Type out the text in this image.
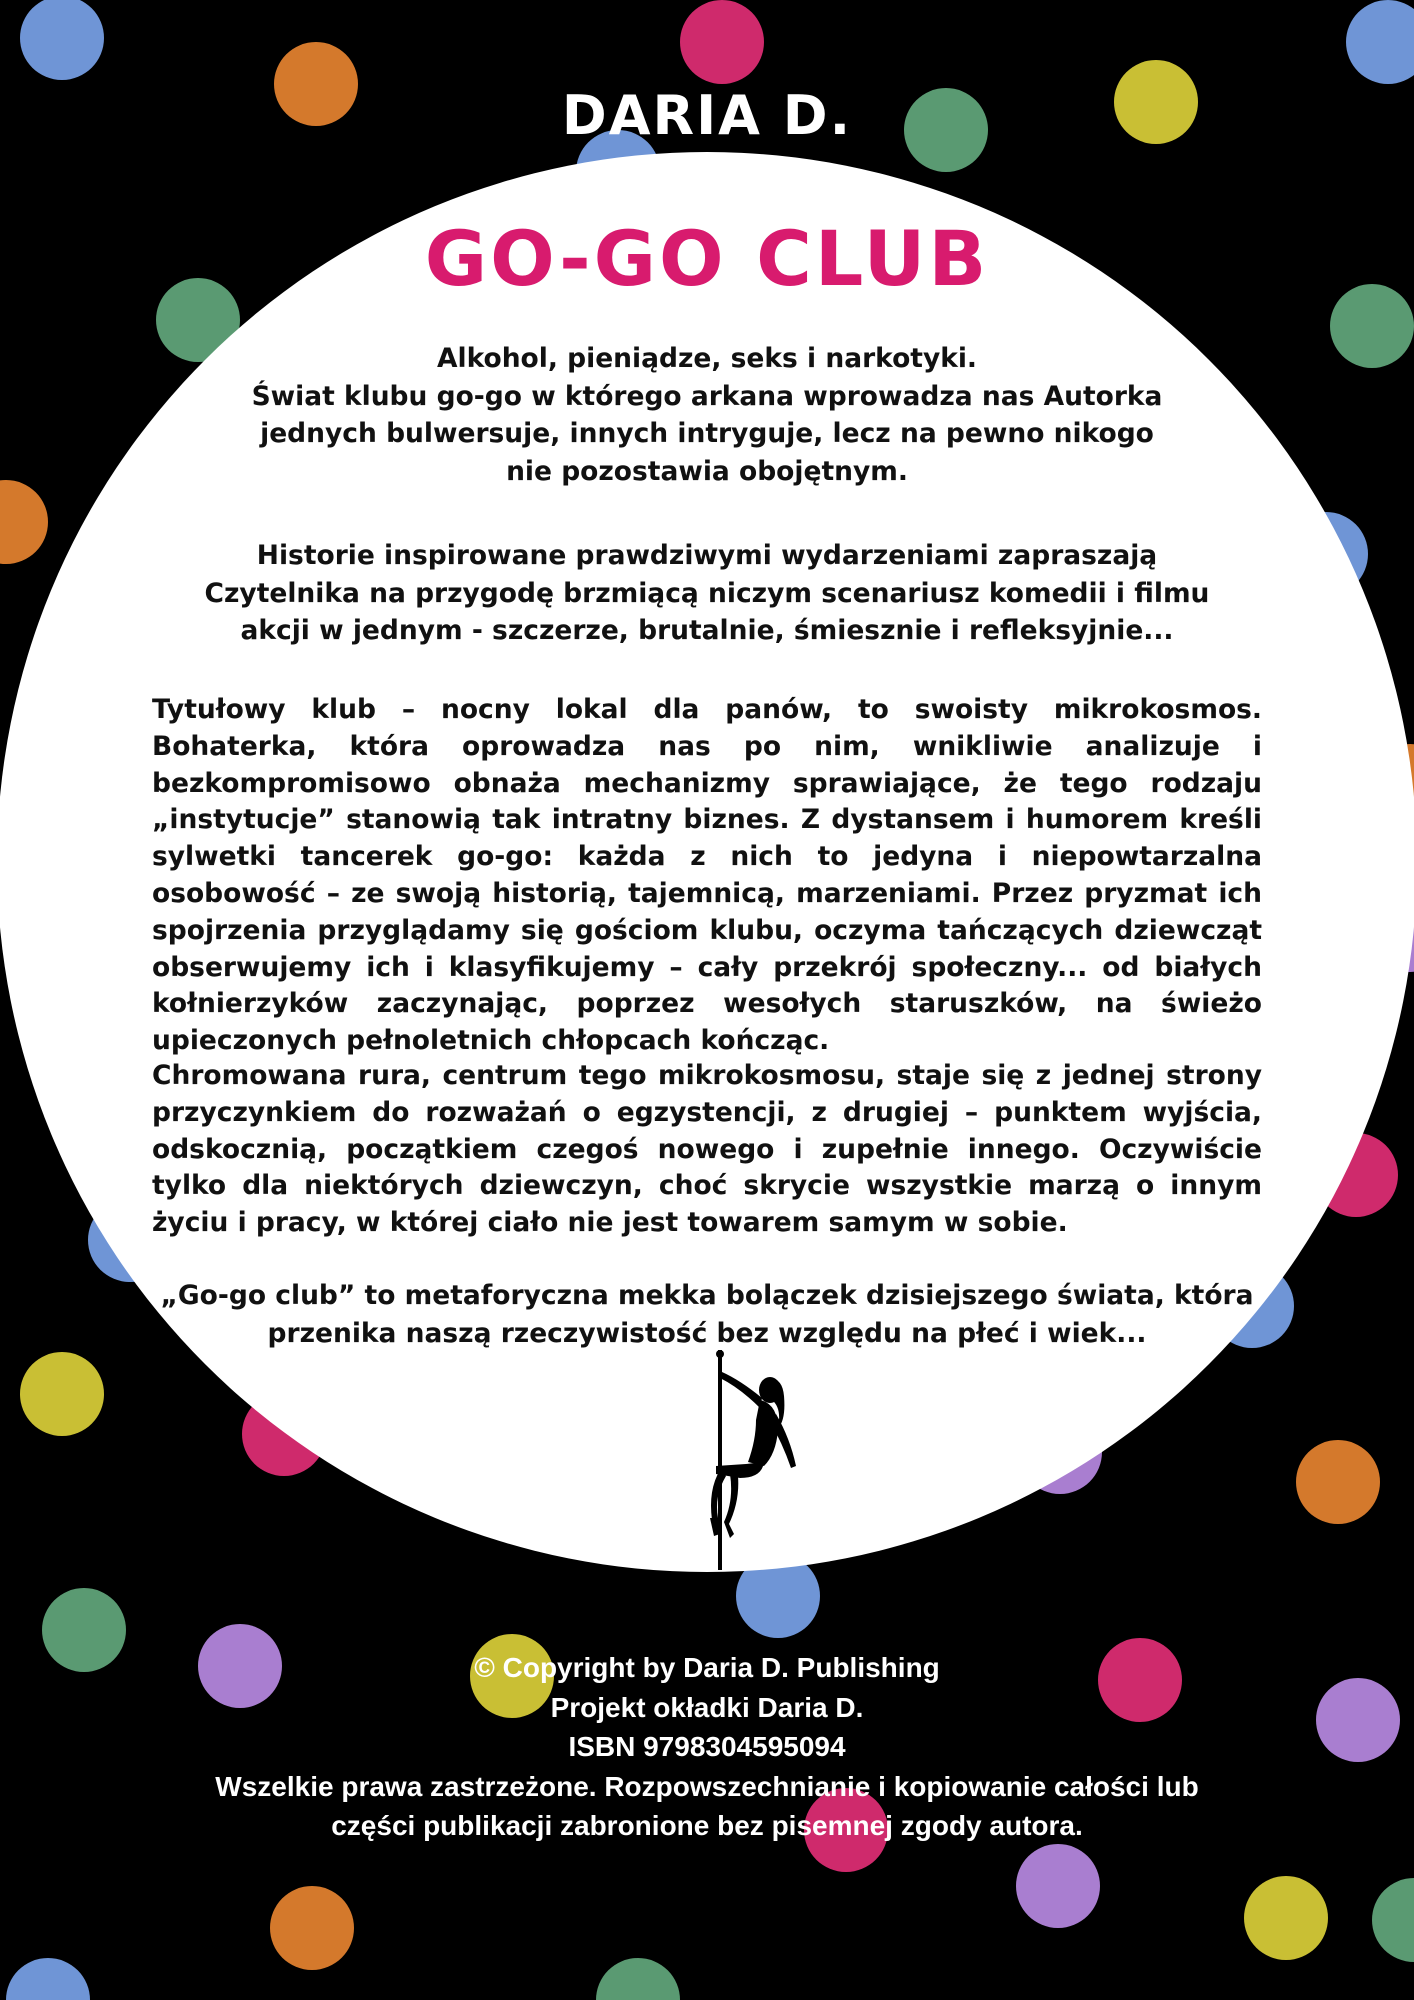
DARIA D.
GO-GO CLUB
Alkohol, pieniądze, seks i narkotyki.
Świat klubu go-go w którego arkana wprowadza nas Autorka
jednych bulwersuje, innych intryguje, lecz na pewno nikogo
nie pozostawia obojętnym.
Historie inspirowane prawdziwymi wydarzeniami zapraszają
Czytelnika na przygodę brzmiącą niczym scenariusz komedii i filmu
akcji w jednym - szczerze, brutalnie, śmiesznie i refleksyjnie...
Tytułowy klub – nocny lokal dla panów, to swoisty mikrokosmos. Bohaterka, która oprowadza nas po nim, wnikliwie analizuje i bezkompromisowo obnaża mechanizmy sprawiające, że tego rodzaju „instytucje” stanowią tak intratny biznes. Z dystansem i humorem kreśli sylwetki tancerek go-go: każda z nich to jedyna i niepowtarzalna osobowość – ze swoją historią, tajemnicą, marzeniami. Przez pryzmat ich spojrzenia przyglądamy się gościom klubu, oczyma tańczących dziewcząt obserwujemy ich i klasyfikujemy – cały przekrój społeczny... od białych kołnierzyków zaczynając, poprzez wesołych staruszków, na świeżo upieczonych pełnoletnich chłopcach kończąc.
Chromowana rura, centrum tego mikrokosmosu, staje się z jednej strony przyczynkiem do rozważań o egzystencji, z drugiej – punktem wyjścia, odskocznią, początkiem czegoś nowego i zupełnie innego. Oczywiście tylko dla niektórych dziewczyn, choć skrycie wszystkie marzą o innym życiu i pracy, w której ciało nie jest towarem samym w sobie.
„Go-go club” to metaforyczna mekka bolączek dzisiejszego świata, która
przenika naszą rzeczywistość bez względu na płeć i wiek...
© Copyright by Daria D. Publishing
Projekt okładki Daria D.
ISBN 9798304595094
Wszelkie prawa zastrzeżone. Rozpowszechnianie i kopiowanie całości lub
części publikacji zabronione bez pisemnej zgody autora.
